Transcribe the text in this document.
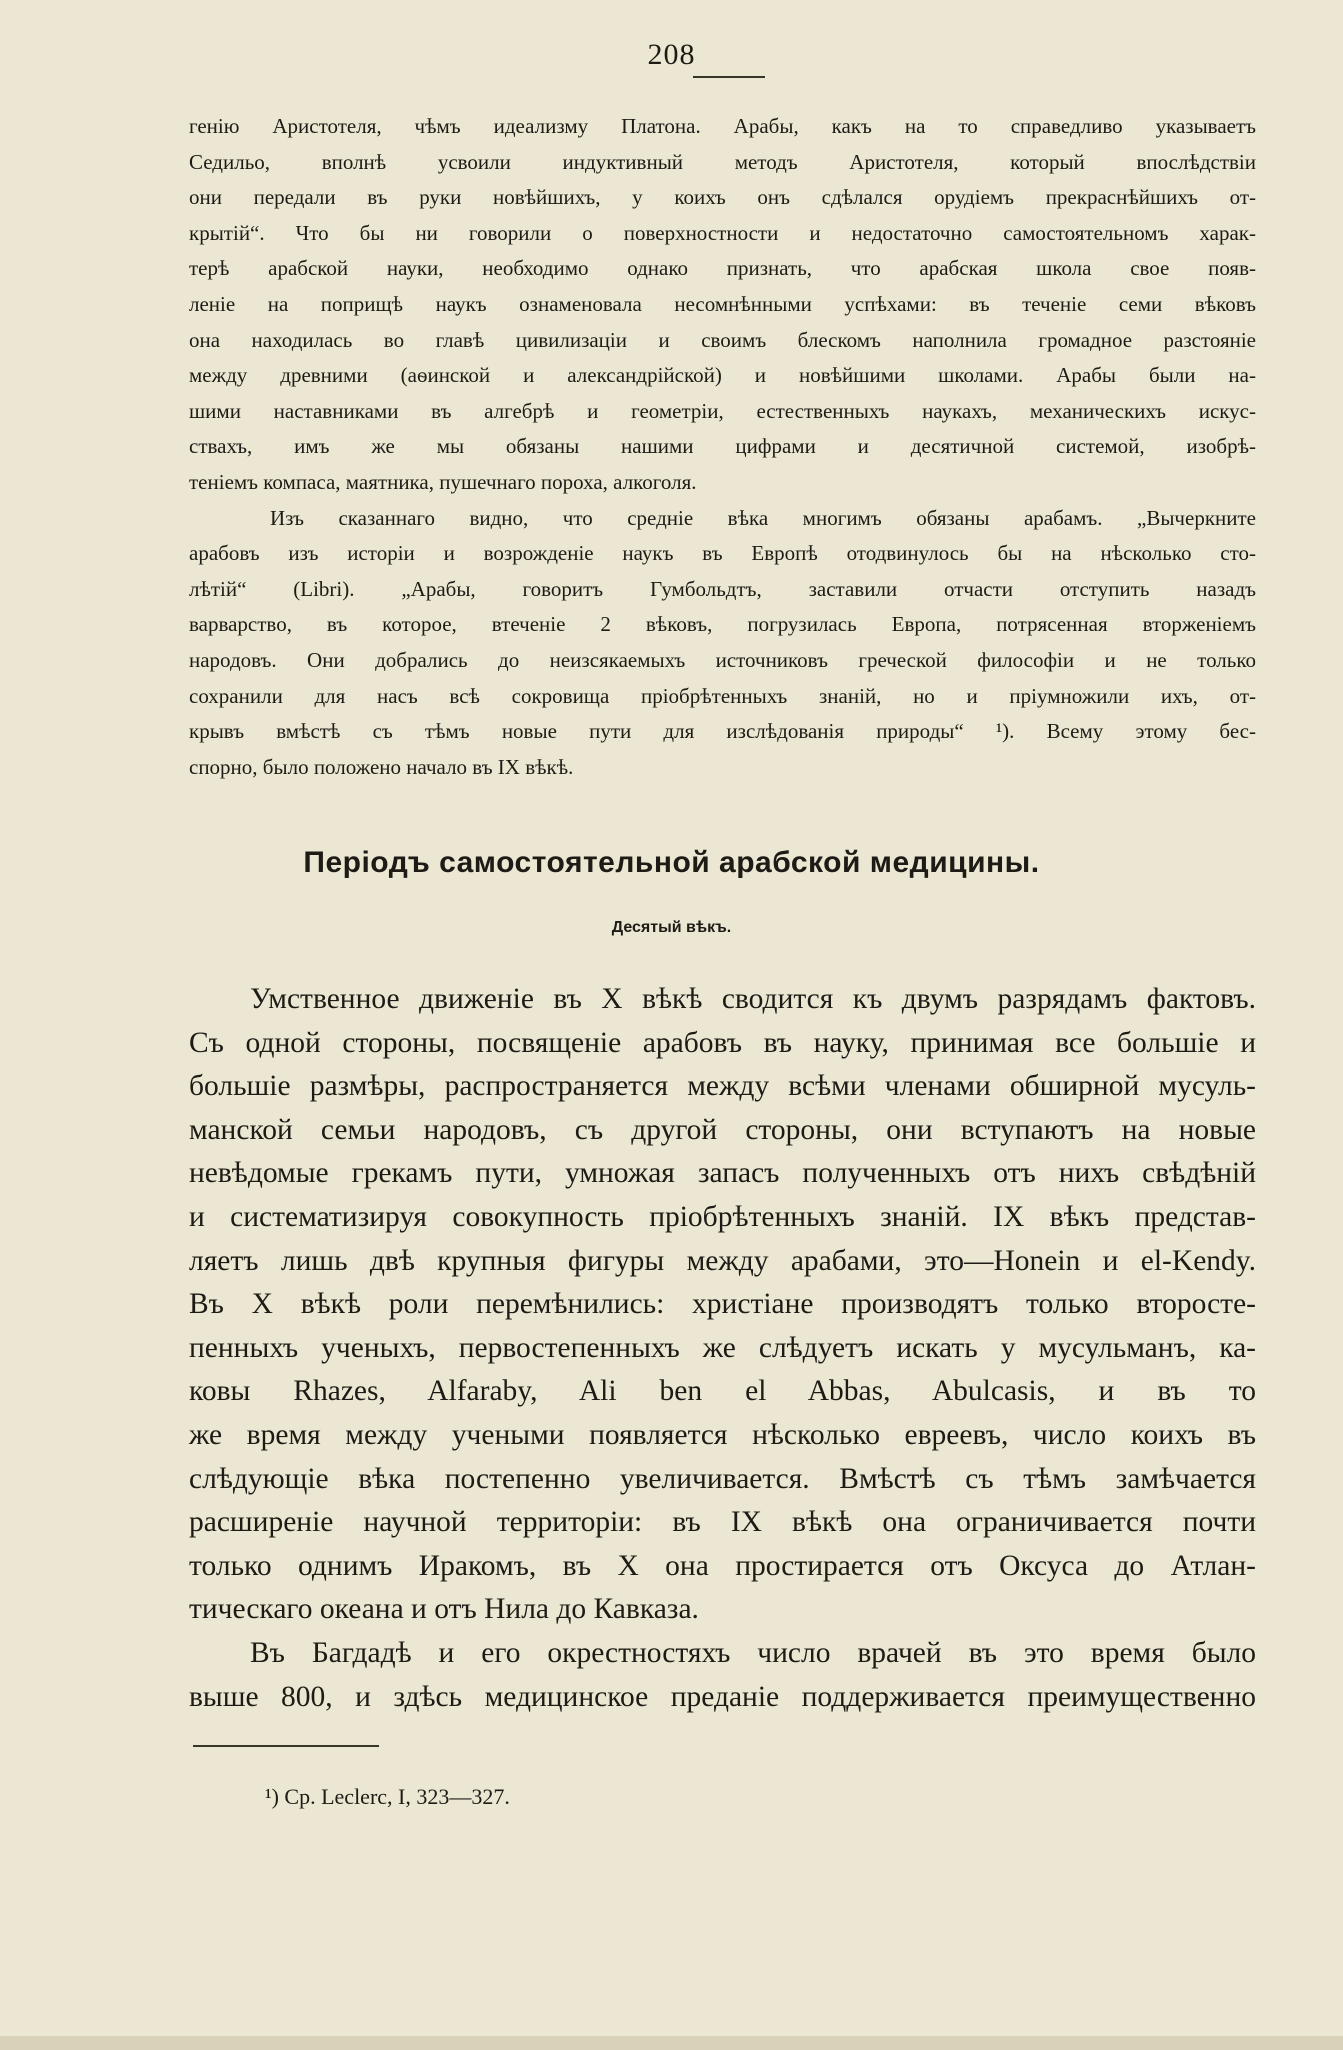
208
генію Аристотеля, чѣмъ идеализму Платона. Арабы, какъ на то справедливо указываетъ
Седильо, вполнѣ усвоили индуктивный методъ Аристотеля, который впослѣдствіи
они передали въ руки новѣйшихъ, у коихъ онъ сдѣлался орудіемъ прекраснѣйшихъ от-
крытій“. Что бы ни говорили о поверхностности и недостаточно самостоятельномъ харак-
терѣ арабской науки, необходимо однако признать, что арабская школа свое появ-
леніе на поприщѣ наукъ ознаменовала несомнѣнными успѣхами: въ теченіе семи вѣковъ
она находилась во главѣ цивилизаціи и своимъ блескомъ наполнила громадное разстояніе
между древними (аѳинской и александрійской) и новѣйшими школами. Арабы были на-
шими наставниками въ алгебрѣ и геометріи, естественныхъ наукахъ, механическихъ искус-
ствахъ, имъ же мы обязаны нашими цифрами и десятичной системой, изобрѣ-
теніемъ компаса, маятника, пушечнаго пороха, алкоголя.
Изъ сказаннаго видно, что средніе вѣка многимъ обязаны арабамъ. „Вычеркните
арабовъ изъ исторіи и возрожденіе наукъ въ Европѣ отодвинулось бы на нѣсколько сто-
лѣтій“ (Libri). „Арабы, говоритъ Гумбольдтъ, заставили отчасти отступить назадъ
варварство, въ которое, втеченіе 2 вѣковъ, погрузилась Европа, потрясенная вторженіемъ
народовъ. Они добрались до неизсякаемыхъ источниковъ греческой философіи и не только
сохранили для насъ всѣ сокровища пріобрѣтенныхъ знаній, но и пріумножили ихъ, от-
крывъ вмѣстѣ съ тѣмъ новые пути для изслѣдованія природы“ ¹). Всему этому бес-
спорно, было положено начало въ IX вѣкѣ.
Періодъ самостоятельной арабской медицины.
Десятый вѣкъ.
Умственное движеніе въ X вѣкѣ сводится къ двумъ разрядамъ фактовъ.
Съ одной стороны, посвященіе арабовъ въ науку, принимая все большіе и
большіе размѣры, распространяется между всѣми членами обширной мусуль-
манской семьи народовъ, съ другой стороны, они вступаютъ на новые
невѣдомые грекамъ пути, умножая запасъ полученныхъ отъ нихъ свѣдѣній
и систематизируя совокупность пріобрѣтенныхъ знаній. IX вѣкъ представ-
ляетъ лишь двѣ крупныя фигуры между арабами, это—Honein и el-Kendy.
Въ X вѣкѣ роли перемѣнились: христіане производятъ только второсте-
пенныхъ ученыхъ, первостепенныхъ же слѣдуетъ искать у мусульманъ, ка-
ковы Rhazes, Alfaraby, Ali ben el Abbas, Abulcasis, и въ то
же время между учеными появляется нѣсколько евреевъ, число коихъ въ
слѣдующіе вѣка постепенно увеличивается. Вмѣстѣ съ тѣмъ замѣчается
расширеніе научной территоріи: въ IX вѣкѣ она ограничивается почти
только однимъ Иракомъ, въ X она простирается отъ Оксуса до Атлан-
тическаго океана и отъ Нила до Кавказа.
Въ Багдадѣ и его окрестностяхъ число врачей въ это время было
выше 800, и здѣсь медицинское преданіе поддерживается преимущественно
¹) Ср. Leclerc, I, 323—327.
